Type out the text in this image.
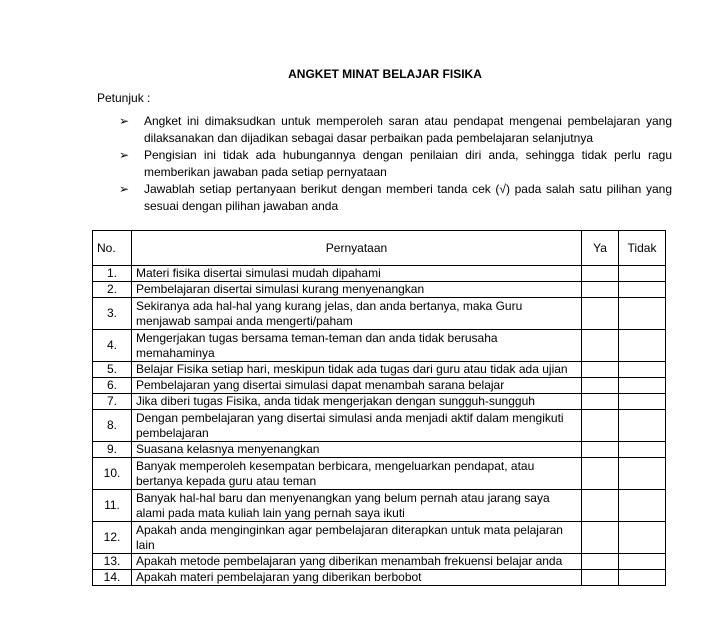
ANGKET MINAT BELAJAR FISIKA
Petunjuk :
➢ Angket ini dimaksudkan untuk memperoleh saran atau pendapat mengenai pembelajaran yang dilaksanakan dan dijadikan sebagai dasar perbaikan pada pembelajaran selanjutnya
➢ Pengisian ini tidak ada hubungannya dengan penilaian diri anda, sehingga tidak perlu ragu memberikan jawaban pada setiap pernyataan
➢ Jawablah setiap pertanyaan berikut dengan memberi tanda cek (√) pada salah satu pilihan yang sesuai dengan pilihan jawaban anda
No.	Pernyataan	Ya	Tidak
1.	Materi fisika disertai simulasi mudah dipahami		
2.	Pembelajaran disertai simulasi kurang menyenangkan		
3.	Sekiranya ada hal-hal yang kurang jelas, dan anda bertanya, maka Guru menjawab sampai anda mengerti/paham		
4.	Mengerjakan tugas bersama teman-teman dan anda tidak berusaha memahaminya		
5.	Belajar Fisika setiap hari, meskipun tidak ada tugas dari guru atau tidak ada ujian		
6.	Pembelajaran yang disertai simulasi dapat menambah sarana belajar		
7.	Jika diberi tugas Fisika, anda tidak mengerjakan dengan sungguh-sungguh		
8.	Dengan pembelajaran yang disertai simulasi anda menjadi aktif dalam mengikuti pembelajaran		
9.	Suasana kelasnya menyenangkan		
10.	Banyak memperoleh kesempatan berbicara, mengeluarkan pendapat, atau bertanya kepada guru atau teman		
11.	Banyak hal-hal baru dan menyenangkan yang belum pernah atau jarang saya alami pada mata kuliah lain yang pernah saya ikuti		
12.	Apakah anda menginginkan agar pembelajaran diterapkan untuk mata pelajaran lain		
13.	Apakah metode pembelajaran yang diberikan menambah frekuensi belajar anda		
14.	Apakah materi pembelajaran yang diberikan berbobot		
